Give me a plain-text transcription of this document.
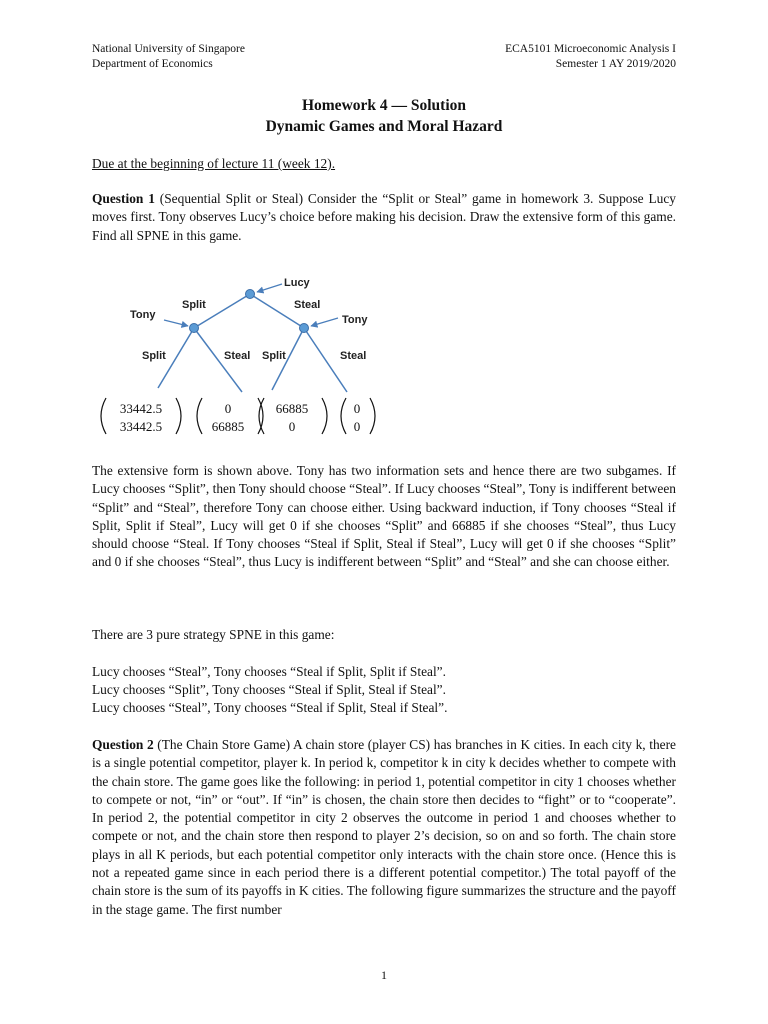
National University of Singapore
Department of Economics
ECA5101 Microeconomic Analysis I
Semester 1 AY 2019/2020
Homework 4 — Solution
Dynamic Games and Moral Hazard

Due at the beginning of lecture 11 (week 12).

Question 1 (Sequential Split or Steal) Consider the “Split or Steal” game in homework 3. Suppose Lucy moves first. Tony observes Lucy’s choice before making his decision. Draw the extensive form of this game. Find all SPNE in this game.

Lucy
Split	Steal
Tony	Tony
Split	Steal Split	Steal
33442.5
33442.5
0
66885
66885
0
0
0

The extensive form is shown above. Tony has two information sets and hence there are two subgames. If Lucy chooses “Split”, then Tony should choose “Steal”. If Lucy chooses “Steal”, Tony is indifferent between “Split” and “Steal”, therefore Tony can choose either. Using backward induction, if Tony chooses “Steal if Split, Split if Steal”, Lucy will get 0 if she chooses “Split” and 66885 if she chooses “Steal”, thus Lucy should choose “Steal. If Tony chooses “Steal if Split, Steal if Steal”, Lucy will get 0 if she chooses “Split” and 0 if she chooses “Steal”, thus Lucy is indifferent between “Split” and “Steal” and she can choose either.

There are 3 pure strategy SPNE in this game:

Lucy chooses “Steal”, Tony chooses “Steal if Split, Split if Steal”.

Lucy chooses “Split”, Tony chooses “Steal if Split, Steal if Steal”.

Lucy chooses “Steal”, Tony chooses “Steal if Split, Steal if Steal”.

Question 2 (The Chain Store Game) A chain store (player CS) has branches in K cities. In each city k, there is a single potential competitor, player k. In period k, competitor k in city k decides whether to compete with the chain store. The game goes like the following: in period 1, potential competitor in city 1 chooses whether to compete or not, “in” or “out”. If “in” is chosen, the chain store then decides to “fight” or to “cooperate”. In period 2, the potential competitor in city 2 observes the outcome in period 1 and chooses whether to compete or not, and the chain store then respond to player 2’s decision, so on and so forth. The chain store plays in all K periods, but each potential competitor only interacts with the chain store once. (Hence this is not a repeated game since in each period there is a different potential competitor.) The total payoff of the chain store is the sum of its payoffs in K cities. The following figure summarizes the structure and the payoff in the stage game. The first number

1
